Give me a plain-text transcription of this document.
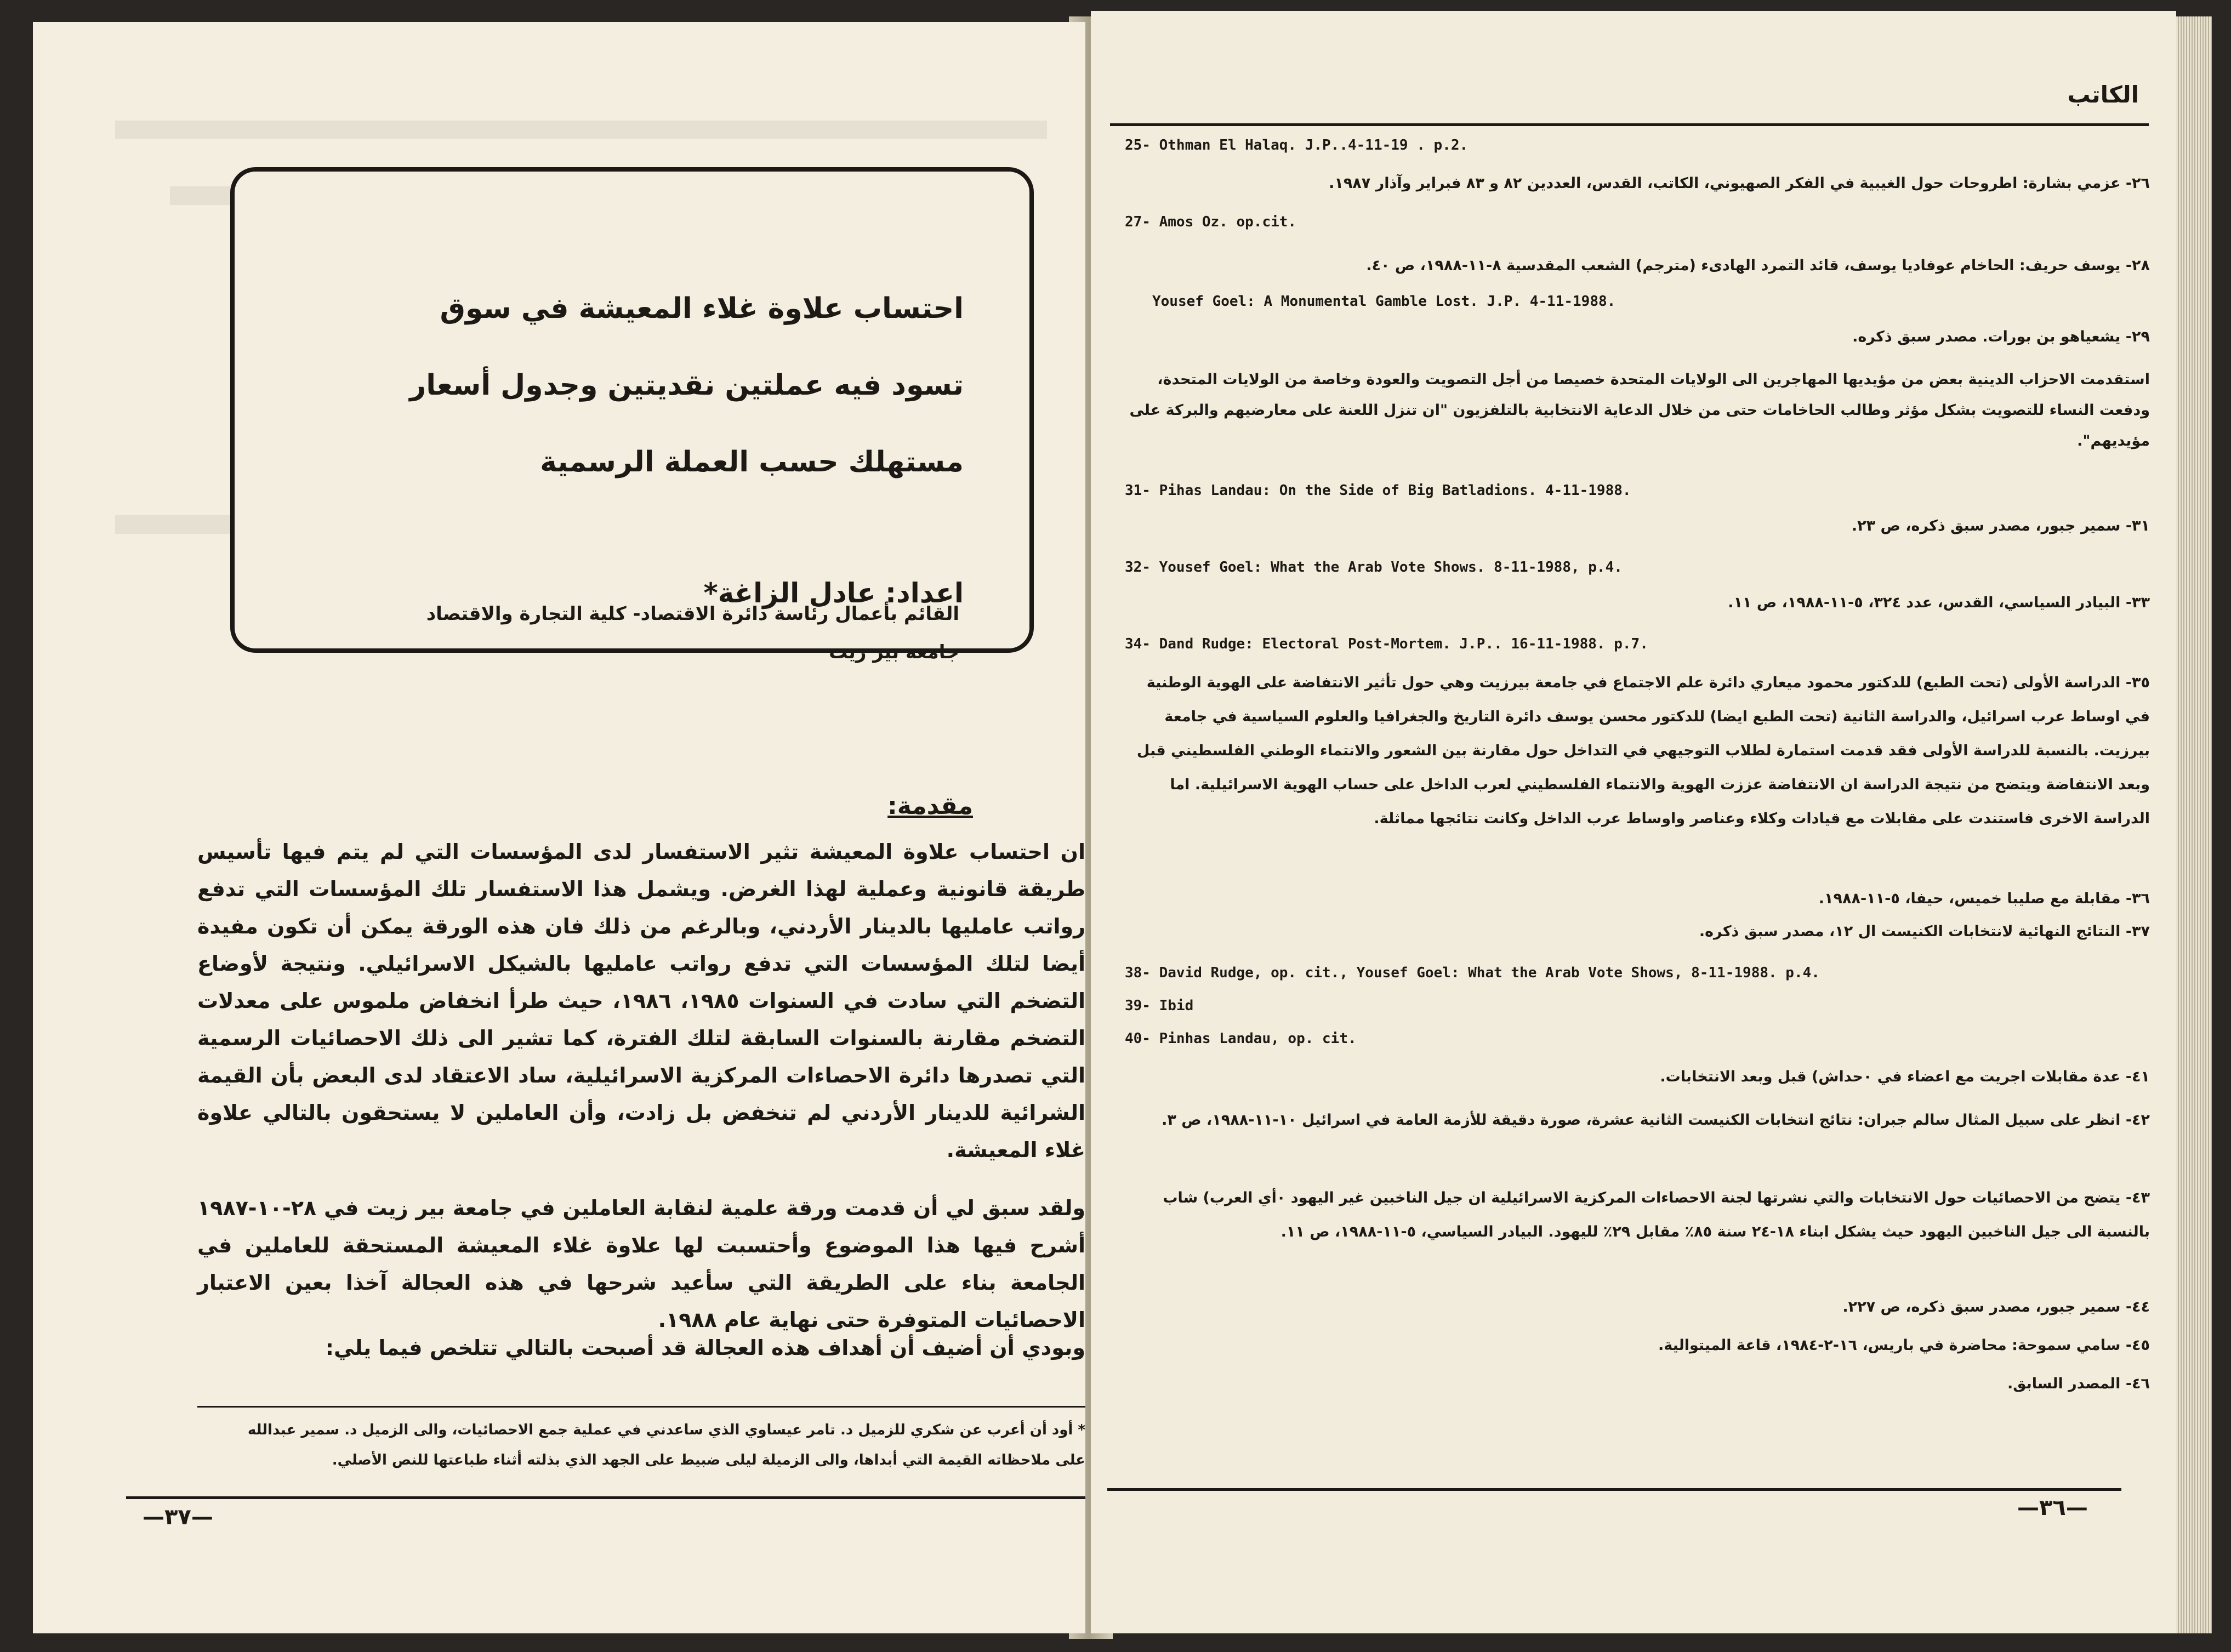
احتساب علاوة غلاء المعيشة في سوق
تسود فيه عملتين نقديتين وجدول أسعار
مستهلك حسب العملة الرسمية
اعداد: عادل الزاغة*
القائم بأعمال رئاسة دائرة الاقتصاد- كلية التجارة والاقتصاد
جامعة بير زيت
مقدمة:
ان احتساب علاوة المعيشة تثير الاستفسار لدى المؤسسات التي لم يتم فيها تأسيس طريقة قانونية وعملية لهذا الغرض. ويشمل هذا الاستفسار تلك المؤسسات التي تدفع رواتب عامليها بالدينار الأردني، وبالرغم من ذلك فان هذه الورقة يمكن أن تكون مفيدة أيضا لتلك المؤسسات التي تدفع رواتب عامليها بالشيكل الاسرائيلي. ونتيجة لأوضاع التضخم التي سادت في السنوات ١٩٨٥، ١٩٨٦، حيث طرأ انخفاض ملموس على معدلات التضخم مقارنة بالسنوات السابقة لتلك الفترة، كما تشير الى ذلك الاحصائيات الرسمية التي تصدرها دائرة الاحصاءات المركزية الاسرائيلية، ساد الاعتقاد لدى البعض بأن القيمة الشرائية للدينار الأردني لم تنخفض بل زادت، وأن العاملين لا يستحقون بالتالي علاوة غلاء المعيشة.
ولقد سبق لي أن قدمت ورقة علمية لنقابة العاملين في جامعة بير زيت في ٢٨-١٠-١٩٨٧ أشرح فيها هذا الموضوع وأحتسبت لها علاوة غلاء المعيشة المستحقة للعاملين في الجامعة بناء على الطريقة التي سأعيد شرحها في هذه العجالة آخذا بعين الاعتبار الاحصائيات المتوفرة حتى نهاية عام ١٩٨٨.
وبودي أن أضيف أن أهداف هذه العجالة قد أصبحت بالتالي تتلخص فيما يلي:
* أود أن أعرب عن شكري للزميل د. تامر عيساوي الذي ساعدني في عملية جمع الاحصائيات، والى الزميل د. سمير عبدالله
على ملاحظاته القيمة التي أبداها، والى الزميلة ليلى ضبيط على الجهد الذي بذلته أثناء طباعتها للنص الأصلي.
—٣٧—
الكاتب
25- Othman El Halaq. J.P..4-11-19 . p.2.
٢٦- عزمي بشارة: اطروحات حول الغيبية في الفكر الصهيوني، الكاتب، القدس، العددين ٨٢ و ٨٣ فبراير وآذار ١٩٨٧.
27- Amos Oz. op.cit.
٢٨- يوسف حريف: الحاخام عوفاديا يوسف، قائد التمرد الهادىء (مترجم) الشعب المقدسية ٨-١١-١٩٨٨، ص ٤٠.
Yousef Goel: A Monumental Gamble Lost. J.P. 4-11-1988.
٢٩- يشعياهو بن بورات. مصدر سبق ذكره.
استقدمت الاحزاب الدينية بعض من مؤيديها المهاجرين الى الولايات المتحدة خصيصا من أجل التصويت والعودة وخاصة من الولايات المتحدة، ودفعت النساء للتصويت بشكل مؤثر وطالب الحاخامات حتى من خلال الدعاية الانتخابية بالتلفزيون "ان تنزل اللعنة على معارضيهم والبركة على مؤيديهم".
31- Pihas Landau: On the Side of Big Batladions. 4-11-1988.
٣١- سمير جبور، مصدر سبق ذكره، ص ٢٣.
32- Yousef Goel: What the Arab Vote Shows. 8-11-1988, p.4.
٣٣- البيادر السياسي، القدس، عدد ٣٢٤، ٥-١١-١٩٨٨، ص ١١.
34- Dand Rudge: Electoral Post-Mortem. J.P.. 16-11-1988. p.7.
٣٥- الدراسة الأولى (تحت الطبع) للدكتور محمود ميعاري دائرة علم الاجتماع في جامعة بيرزيت وهي حول تأثير الانتفاضة على الهوية الوطنية في اوساط عرب اسرائيل، والدراسة الثانية (تحت الطبع ايضا) للدكتور محسن يوسف دائرة التاريخ والجغرافيا والعلوم السياسية في جامعة بيرزيت. بالنسبة للدراسة الأولى فقد قدمت استمارة لطلاب التوجيهي في التداخل حول مقارنة بين الشعور والانتماء الوطني الفلسطيني قبل وبعد الانتفاضة ويتضح من نتيجة الدراسة ان الانتفاضة عززت الهوية والانتماء الفلسطيني لعرب الداخل على حساب الهوية الاسرائيلية. اما الدراسة الاخرى فاستندت على مقابلات مع قيادات وكلاء وعناصر واوساط عرب الداخل وكانت نتائجها مماثلة.
٣٦- مقابلة مع صليبا خميس، حيفا، ٥-١١-١٩٨٨.
٣٧- النتائج النهائية لانتخابات الكنيست ال ١٢، مصدر سبق ذكره.
38- David Rudge, op. cit., Yousef Goel: What the Arab Vote Shows, 8-11-1988. p.4.
39- Ibid
40- Pinhas Landau, op. cit.
٤١- عدة مقابلات اجريت مع اعضاء في ٠حداش) قبل وبعد الانتخابات.
٤٢- انظر على سبيل المثال سالم جبران: نتائج انتخابات الكنيست الثانية عشرة، صورة دقيقة للأزمة العامة في اسرائيل ١٠-١١-١٩٨٨، ص ٣.
٤٣- يتضح من الاحصائيات حول الانتخابات والتي نشرتها لجنة الاحصاءات المركزية الاسرائيلية ان جيل الناخبين غير اليهود ٠أي العرب) شاب بالنسبة الى جيل الناخبين اليهود حيث يشكل ابناء ١٨-٢٤ سنة ٨٥٪ مقابل ٢٩٪ لليهود. البيادر السياسي، ٥-١١-١٩٨٨، ص ١١.
٤٤- سمير جبور، مصدر سبق ذكره، ص ٢٢٧.
٤٥- سامي سموحة: محاضرة في باريس، ١٦-٢-١٩٨٤، قاعة الميتوالية.
٤٦- المصدر السابق.
—٣٦—
